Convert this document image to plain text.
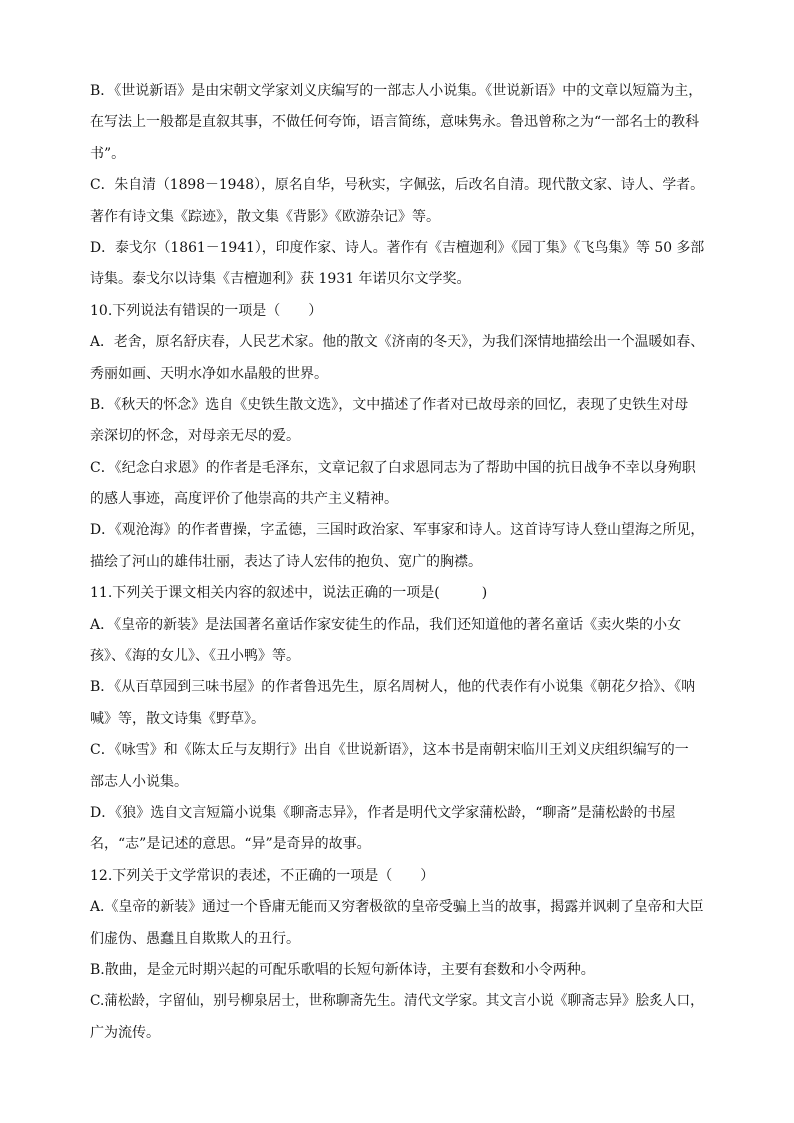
B．《世说新语》是由宋朝文学家刘义庆编写的一部志人小说集。《世说新语》中的文章以短篇为主，
在写法上一般都是直叙其事，不做任何夸饰，语言简练，意味隽永。鲁迅曾称之为“一部名士的教科
书”。
C．朱自清（1898－1948），原名自华，号秋实，字佩弦，后改名自清。现代散文家、诗人、学者。
著作有诗文集《踪迹》，散文集《背影》《欧游杂记》等。
D．泰戈尔（1861－1941），印度作家、诗人。著作有《吉檀迦利》《园丁集》《飞鸟集》等 50 多部
诗集。泰戈尔以诗集《吉檀迦利》获 1931 年诺贝尔文学奖。
10.下列说法有错误的一项是（　　）
A．老舍，原名舒庆春，人民艺术家。他的散文《济南的冬天》，为我们深情地描绘出一个温暖如春、
秀丽如画、天明水净如水晶般的世界。
B．《秋天的怀念》选自《史铁生散文选》，文中描述了作者对已故母亲的回忆，表现了史铁生对母
亲深切的怀念，对母亲无尽的爱。
C．《纪念白求恩》的作者是毛泽东，文章记叙了白求恩同志为了帮助中国的抗日战争不幸以身殉职
的感人事迹，高度评价了他崇高的共产主义精神。
D．《观沧海》的作者曹操，字孟德，三国时政治家、军事家和诗人。这首诗写诗人登山望海之所见，
描绘了河山的雄伟壮丽，表达了诗人宏伟的抱负、宽广的胸襟。
11.下列关于课文相关内容的叙述中，说法正确的一项是(　　　)
A．《皇帝的新装》是法国著名童话作家安徒生的作品，我们还知道他的著名童话《卖火柴的小女
孩》、《海的女儿》、《丑小鸭》等。
B．《从百草园到三味书屋》的作者鲁迅先生，原名周树人，他的代表作有小说集《朝花夕拾》、《呐
喊》等，散文诗集《野草》。
C．《咏雪》和《陈太丘与友期行》出自《世说新语》，这本书是南朝宋临川王刘义庆组织编写的一
部志人小说集。
D．《狼》选自文言短篇小说集《聊斋志异》，作者是明代文学家蒲松龄，“聊斋”是蒲松龄的书屋
名，“志”是记述的意思。“异”是奇异的故事。
12.下列关于文学常识的表述，不正确的一项是（　　）
A.《皇帝的新装》通过一个昏庸无能而又穷奢极欲的皇帝受骗上当的故事，揭露并讽刺了皇帝和大臣
们虚伪、愚蠢且自欺欺人的丑行。
B.散曲，是金元时期兴起的可配乐歌唱的长短句新体诗，主要有套数和小令两种。
C.蒲松龄，字留仙，别号柳泉居士，世称聊斋先生。清代文学家。其文言小说《聊斋志异》脍炙人口，
广为流传。
